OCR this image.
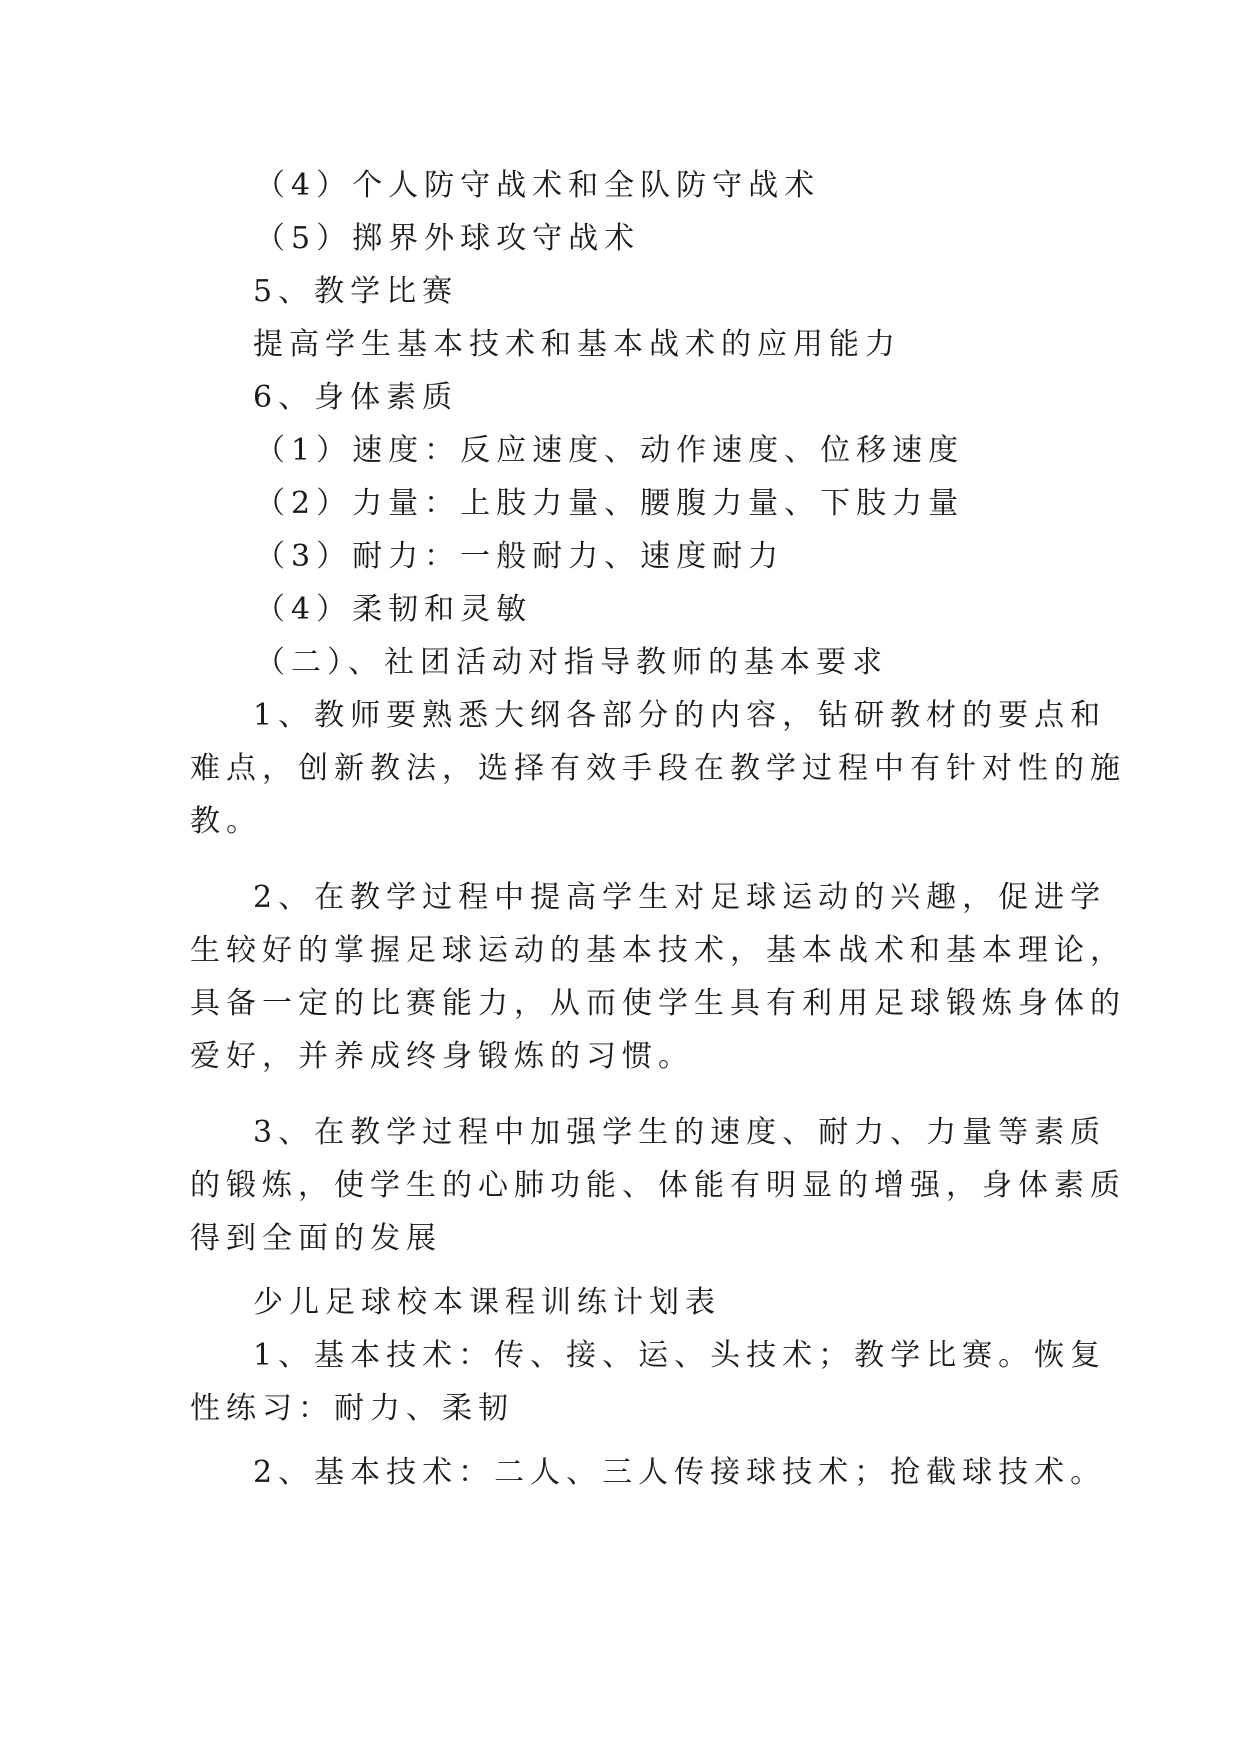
（4）个人防守战术和全队防守战术
（5）掷界外球攻守战术
5、教学比赛
提高学生基本技术和基本战术的应用能力
6、身体素质
（1）速度：反应速度、动作速度、位移速度
（2）力量：上肢力量、腰腹力量、下肢力量
（3）耐力：一般耐力、速度耐力
（4）柔韧和灵敏
（二）、社团活动对指导教师的基本要求
1、教师要熟悉大纲各部分的内容，钻研教材的要点和
难点，创新教法，选择有效手段在教学过程中有针对性的施
教。
2、在教学过程中提高学生对足球运动的兴趣，促进学
生较好的掌握足球运动的基本技术，基本战术和基本理论，
具备一定的比赛能力，从而使学生具有利用足球锻炼身体的
爱好，并养成终身锻炼的习惯。
3、在教学过程中加强学生的速度、耐力、力量等素质
的锻炼，使学生的心肺功能、体能有明显的增强，身体素质
得到全面的发展
少儿足球校本课程训练计划表
1、基本技术：传、接、运、头技术；教学比赛。恢复
性练习：耐力、柔韧
2、基本技术：二人、三人传接球技术；抢截球技术。
